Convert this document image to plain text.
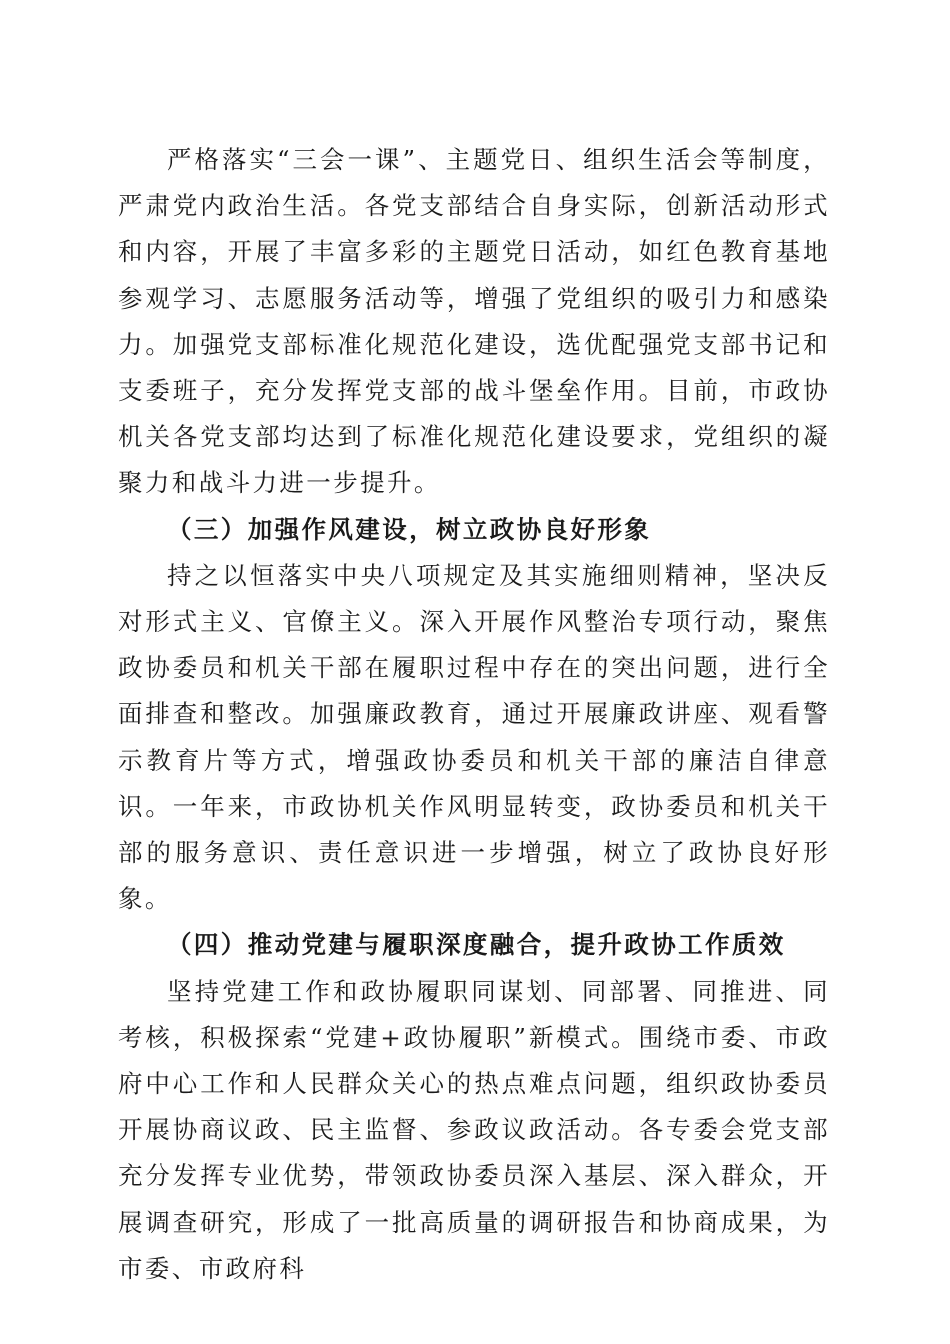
严格落实“三会一课”、主题党日、组织生活会等制度，严肃党内政治生活。各党支部结合自身实际，创新活动形式和内容，开展了丰富多彩的主题党日活动，如红色教育基地参观学习、志愿服务活动等，增强了党组织的吸引力和感染力。加强党支部标准化规范化建设，选优配强党支部书记和支委班子，充分发挥党支部的战斗堡垒作用。目前，市政协机关各党支部均达到了标准化规范化建设要求，党组织的凝聚力和战斗力进一步提升。

（三）加强作风建设，树立政协良好形象

持之以恒落实中央八项规定及其实施细则精神，坚决反对形式主义、官僚主义。深入开展作风整治专项行动，聚焦政协委员和机关干部在履职过程中存在的突出问题，进行全面排查和整改。加强廉政教育，通过开展廉政讲座、观看警示教育片等方式，增强政协委员和机关干部的廉洁自律意识。一年来，市政协机关作风明显转变，政协委员和机关干部的服务意识、责任意识进一步增强，树立了政协良好形象。

（四）推动党建与履职深度融合，提升政协工作质效

坚持党建工作和政协履职同谋划、同部署、同推进、同考核，积极探索“党建+政协履职”新模式。围绕市委、市政府中心工作和人民群众关心的热点难点问题，组织政协委员开展协商议政、民主监督、参政议政活动。各专委会党支部充分发挥专业优势，带领政协委员深入基层、深入群众，开展调查研究，形成了一批高质量的调研报告和协商成果，为市委、市政府科
